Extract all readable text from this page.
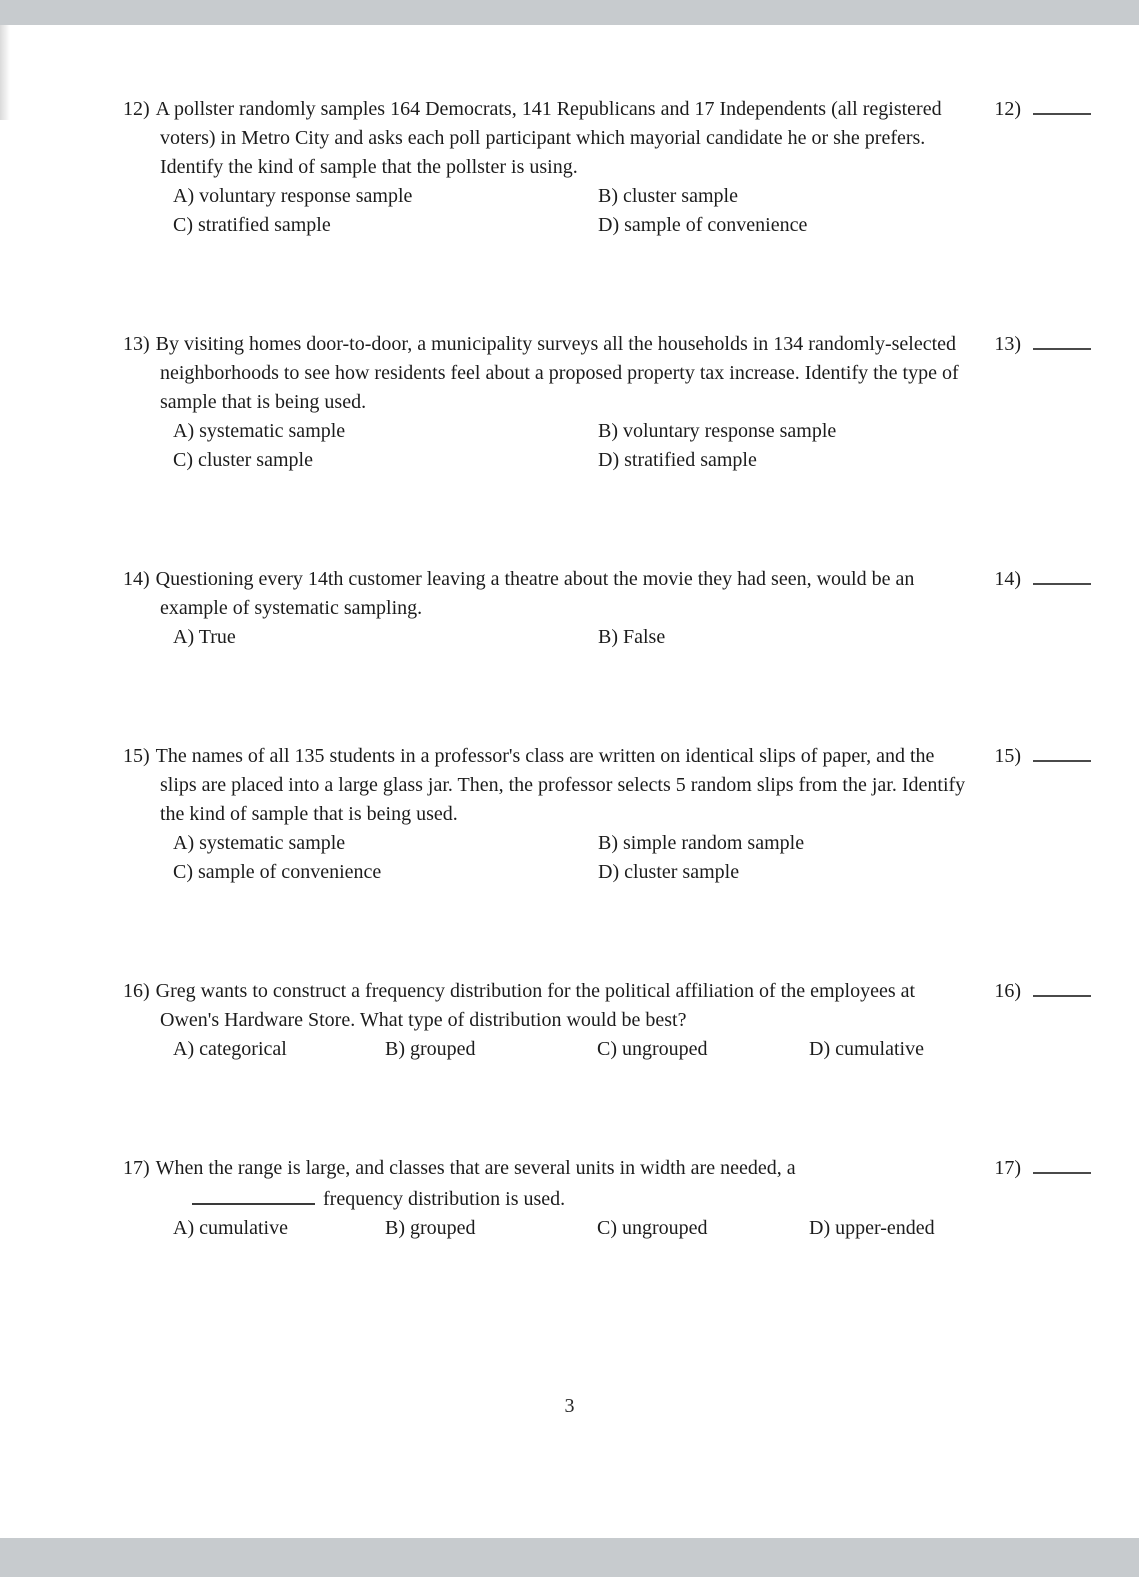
12) A pollster randomly samples 164 Democrats, 141 Republicans and 17 Independents (all registered voters) in Metro City and asks each poll participant which mayorial candidate he or she prefers. Identify the kind of sample that the pollster is using.

A) voluntary response sample	B) cluster sample
C) stratified sample	D) sample of convenience
12)

13) By visiting homes door-to-door, a municipality surveys all the households in 134 randomly-selected neighborhoods to see how residents feel about a proposed property tax increase. Identify the type of sample that is being used.

A) systematic sample	B) voluntary response sample
C) cluster sample	D) stratified sample
13)

14) Questioning every 14th customer leaving a theatre about the movie they had seen, would be an example of systematic sampling.

A) True	B) False
14)

15) The names of all 135 students in a professor's class are written on identical slips of paper, and the slips are placed into a large glass jar. Then, the professor selects 5 random slips from the jar. Identify the kind of sample that is being used.

A) systematic sample	B) simple random sample
C) sample of convenience	D) cluster sample
15)

16) Greg wants to construct a frequency distribution for the political affiliation of the employees at Owen's Hardware Store. What type of distribution would be best?

A) categorical	B) grouped	C) ungrouped	D) cumulative
16)

17) When the range is large, and classes that are several units in width are needed, a
frequency distribution is used.

A) cumulative	B) grouped	C) ungrouped	D) upper-ended
17)
3
